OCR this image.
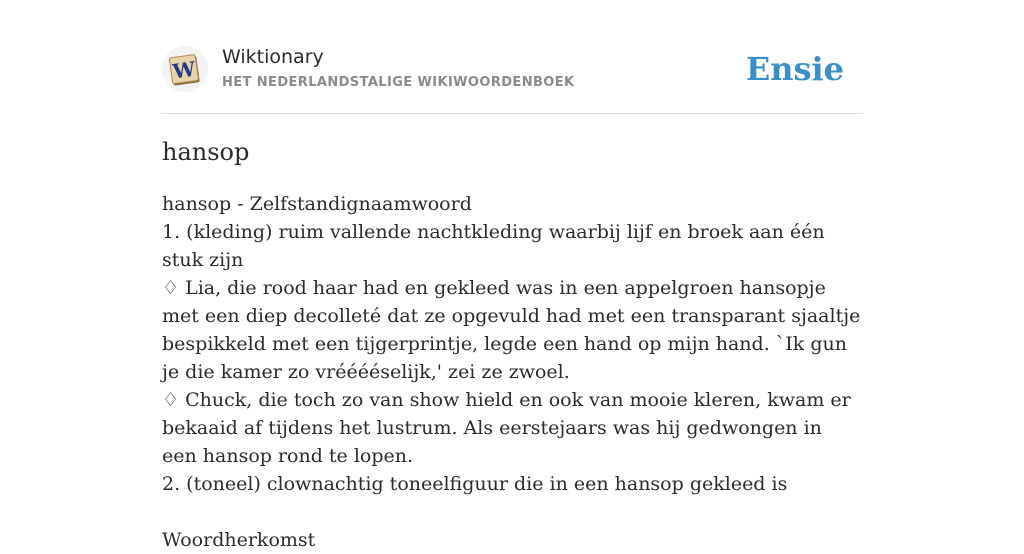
W Wiktionary
HET NEDERLANDSTALIGE WIKIWOORDENBOEK	Ensie
hansop

hansop - Zelfstandignaamwoord

1. (kleding) ruim vallende nachtkleding waarbij lijf en broek aan één stuk zijn

♢ Lia, die rood haar had en gekleed was in een appelgroen hansopje met een diep decolleté dat ze opgevuld had met een transparant sjaaltje bespikkeld met een tijgerprintje, legde een hand op mijn hand. `Ik gun je die kamer zo vrééééselijk,' zei ze zwoel.

♢ Chuck, die toch zo van show hield en ook van mooie kleren, kwam er bekaaid af tijdens het lustrum. Als eerstejaars was hij gedwongen in een hansop rond te lopen.

2. (toneel) clownachtig toneelfiguur die in een hansop gekleed is

Woordherkomst
